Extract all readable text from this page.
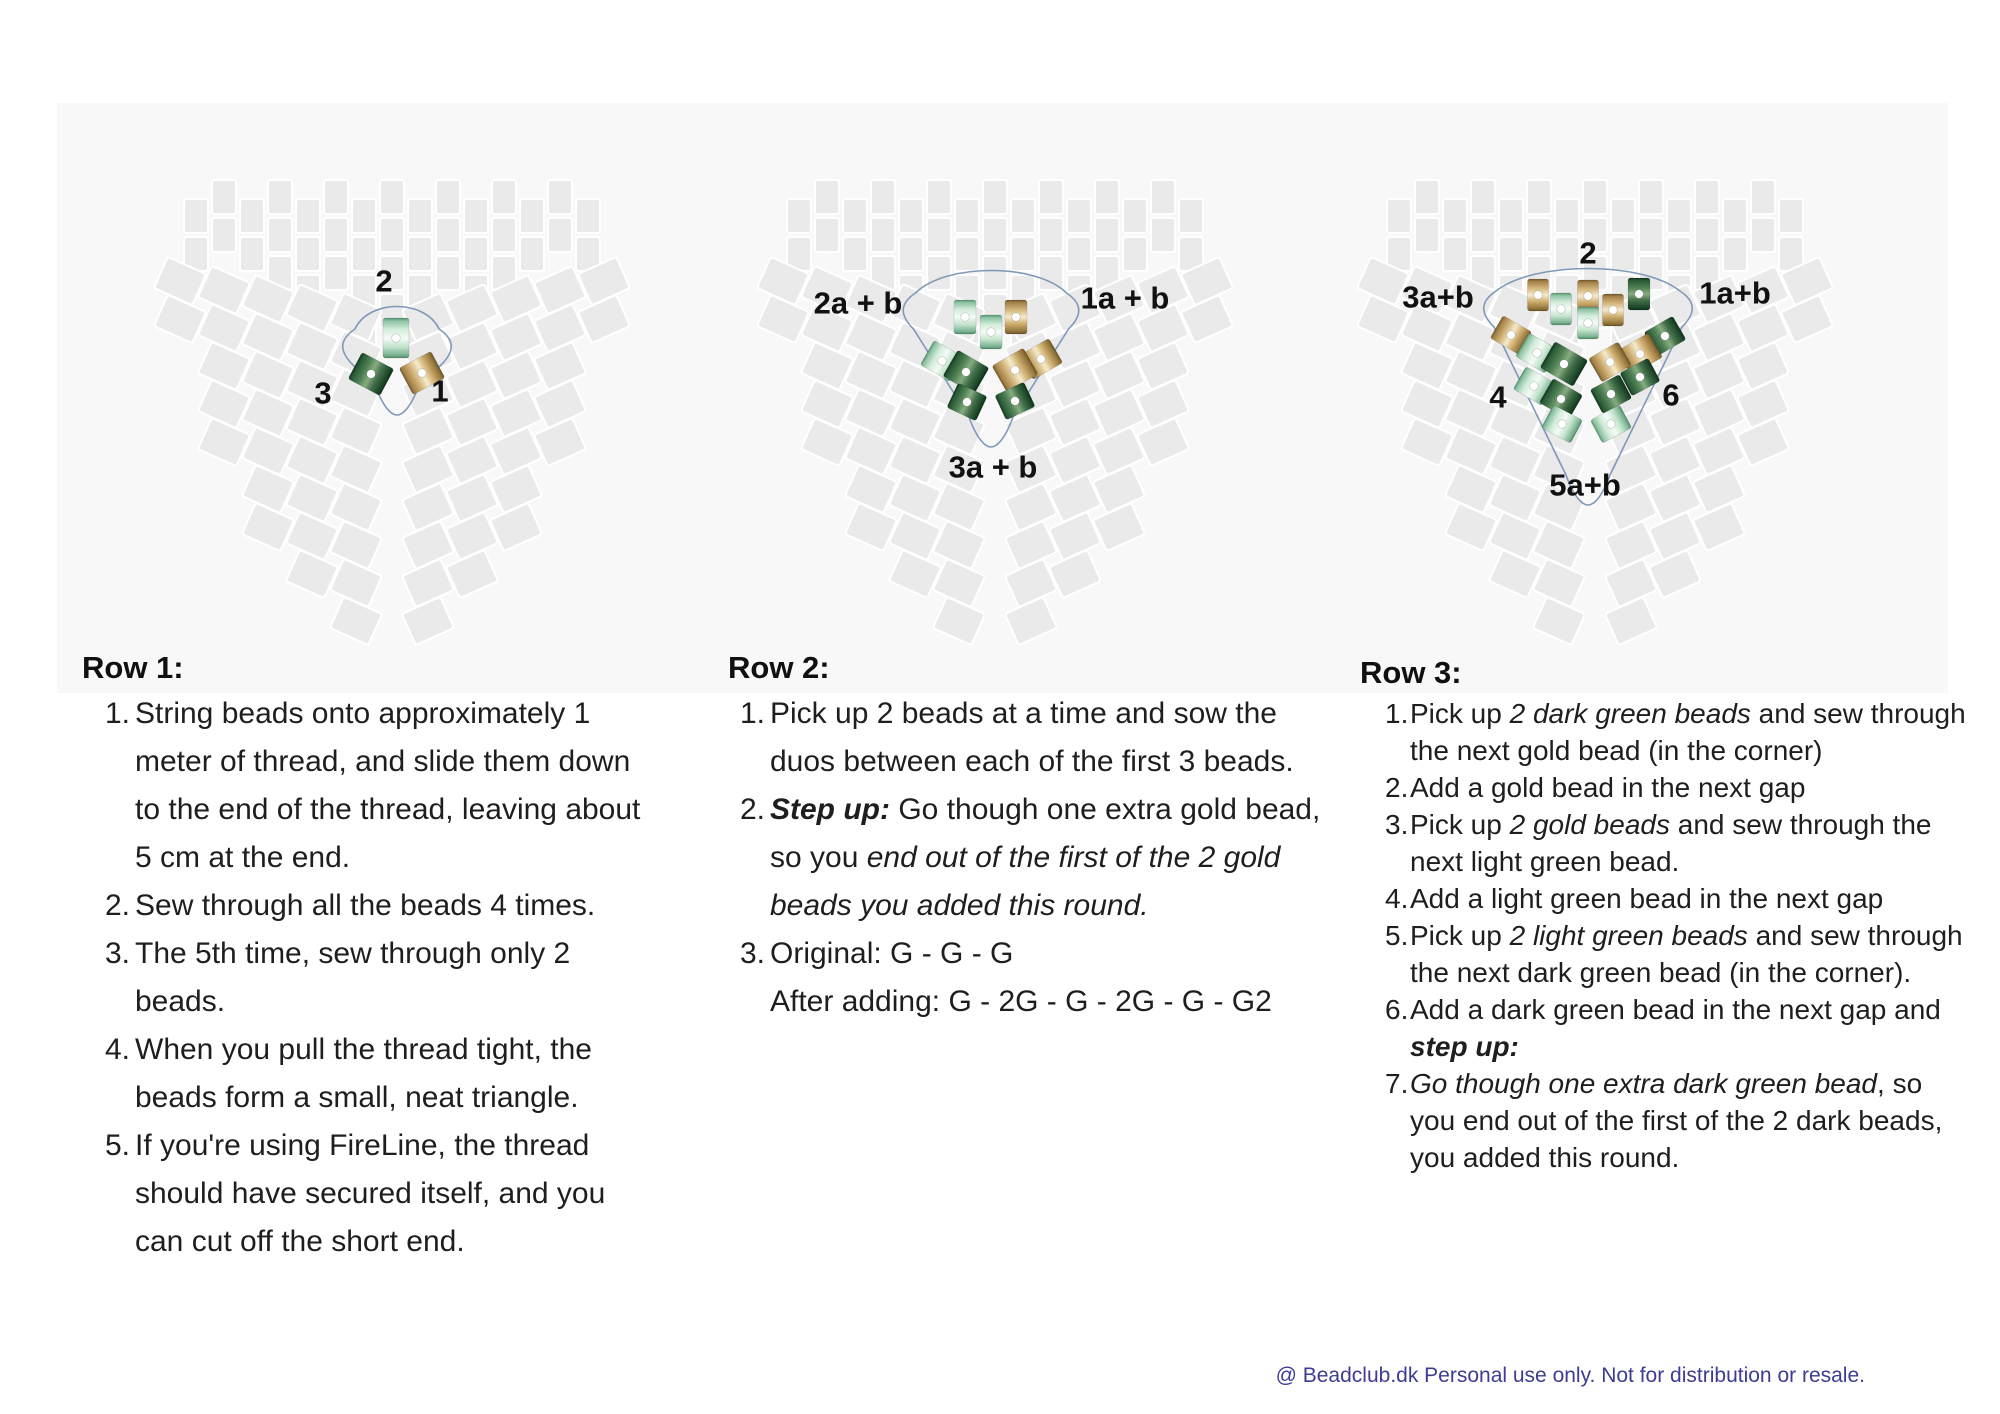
2
3	1
Row 1:
1. String beads onto approximately 1 meter of thread, and slide them down to the end of the thread, leaving about 5 cm at the end.
2. Sew through all the beads 4 times.
3. The 5th time, sew through only 2 beads.
4. When you pull the thread tight, the beads form a small, neat triangle.
5. If you're using FireLine, the thread should have secured itself, and you can cut off the short end.
2a + b	1a + b
3a + b
Row 2:
1. Pick up 2 beads at a time and sow the duos between each of the first 3 beads.
2. Step up: Go though one extra gold bead, so you end out of the first of the 2 gold beads you added this round.
3. Original: G - G - G
After adding: G - 2G - G - 2G - G - G2
2
3a+b	1a+b
4	6
5a+b
Row 3:
1. Pick up 2 dark green beads and sew through the next gold bead (in the corner)
2. Add a gold bead in the next gap
3. Pick up 2 gold beads and sew through the next light green bead.
4. Add a light green bead in the next gap
5. Pick up 2 light green beads and sew through the next dark green bead (in the corner).
6. Add a dark green bead in the next gap and step up:
7. Go though one extra dark green bead, so you end out of the first of the 2 dark beads, you added this round.
@ Beadclub.dk Personal use only. Not for distribution or resale.
